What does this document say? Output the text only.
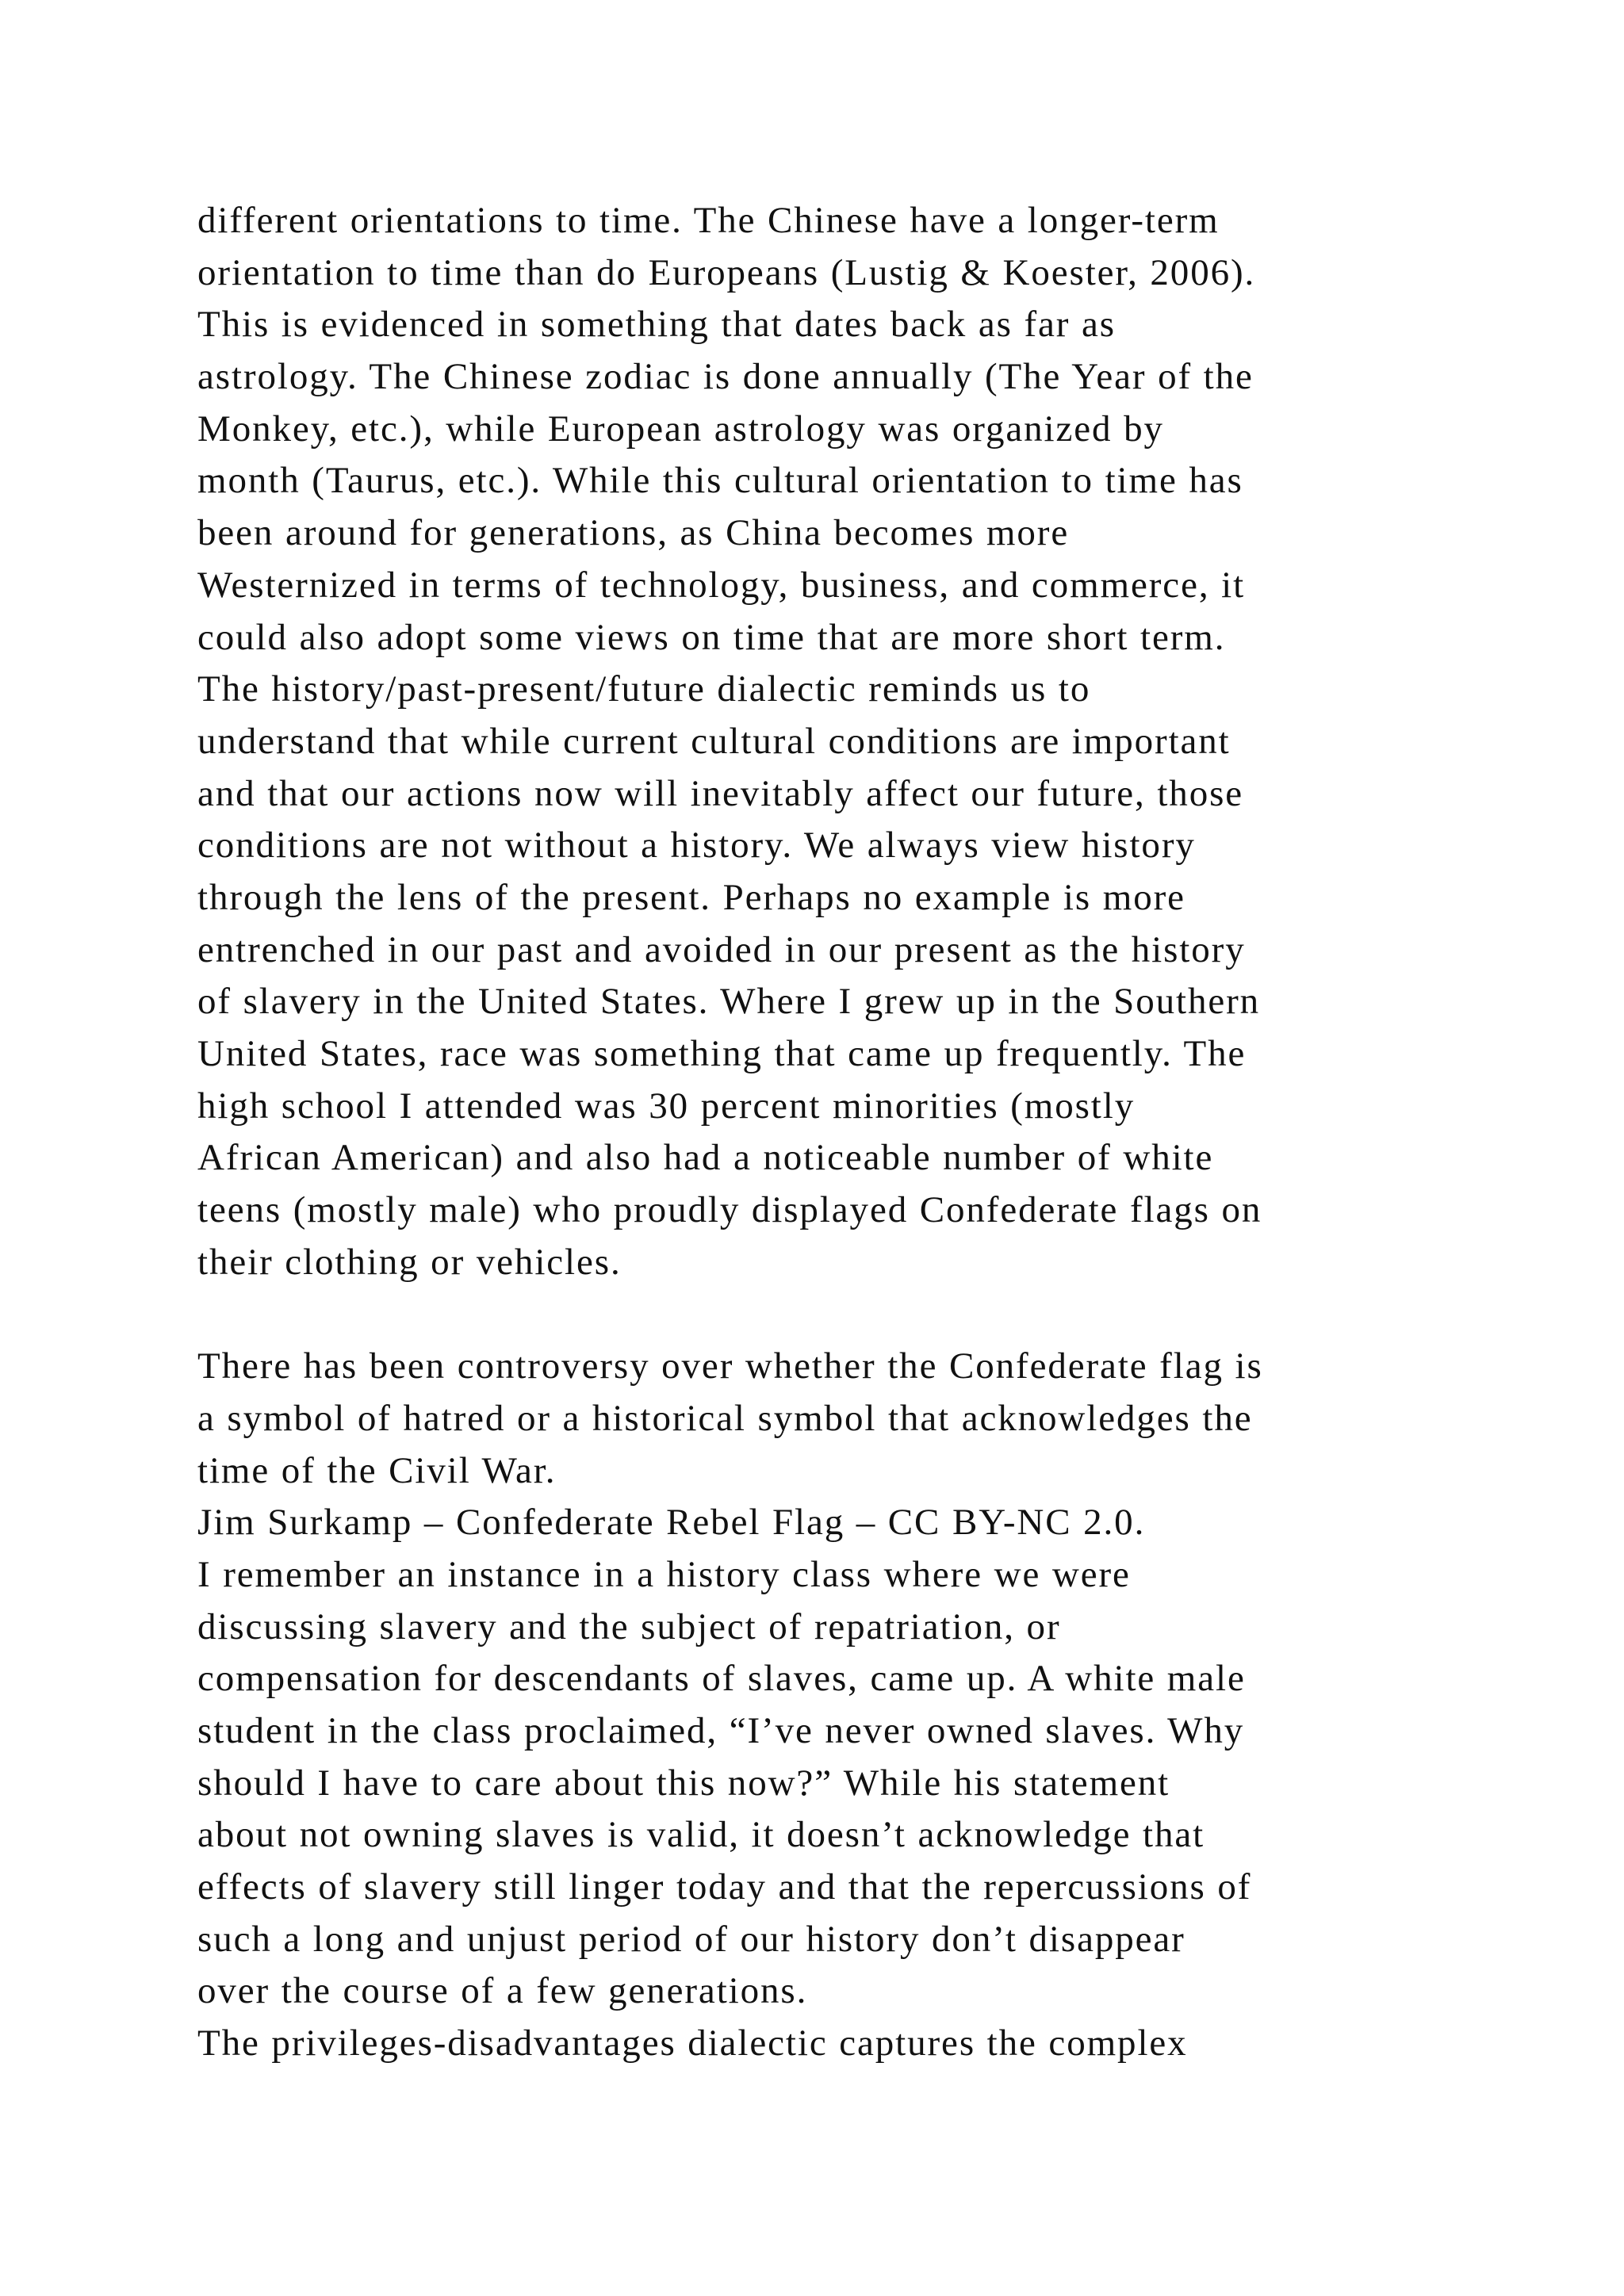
different orientations to time. The Chinese have a longer-term
orientation to time than do Europeans (Lustig & Koester, 2006).
This is evidenced in something that dates back as far as
astrology. The Chinese zodiac is done annually (The Year of the
Monkey, etc.), while European astrology was organized by
month (Taurus, etc.). While this cultural orientation to time has
been around for generations, as China becomes more
Westernized in terms of technology, business, and commerce, it
could also adopt some views on time that are more short term.
The history/past-present/future dialectic reminds us to
understand that while current cultural conditions are important
and that our actions now will inevitably affect our future, those
conditions are not without a history. We always view history
through the lens of the present. Perhaps no example is more
entrenched in our past and avoided in our present as the history
of slavery in the United States. Where I grew up in the Southern
United States, race was something that came up frequently. The
high school I attended was 30 percent minorities (mostly
African American) and also had a noticeable number of white
teens (mostly male) who proudly displayed Confederate flags on
their clothing or vehicles.
There has been controversy over whether the Confederate flag is
a symbol of hatred or a historical symbol that acknowledges the
time of the Civil War.
Jim Surkamp – Confederate Rebel Flag – CC BY-NC 2.0.
I remember an instance in a history class where we were
discussing slavery and the subject of repatriation, or
compensation for descendants of slaves, came up. A white male
student in the class proclaimed, “I’ve never owned slaves. Why
should I have to care about this now?” While his statement
about not owning slaves is valid, it doesn’t acknowledge that
effects of slavery still linger today and that the repercussions of
such a long and unjust period of our history don’t disappear
over the course of a few generations.
The privileges-disadvantages dialectic captures the complex
